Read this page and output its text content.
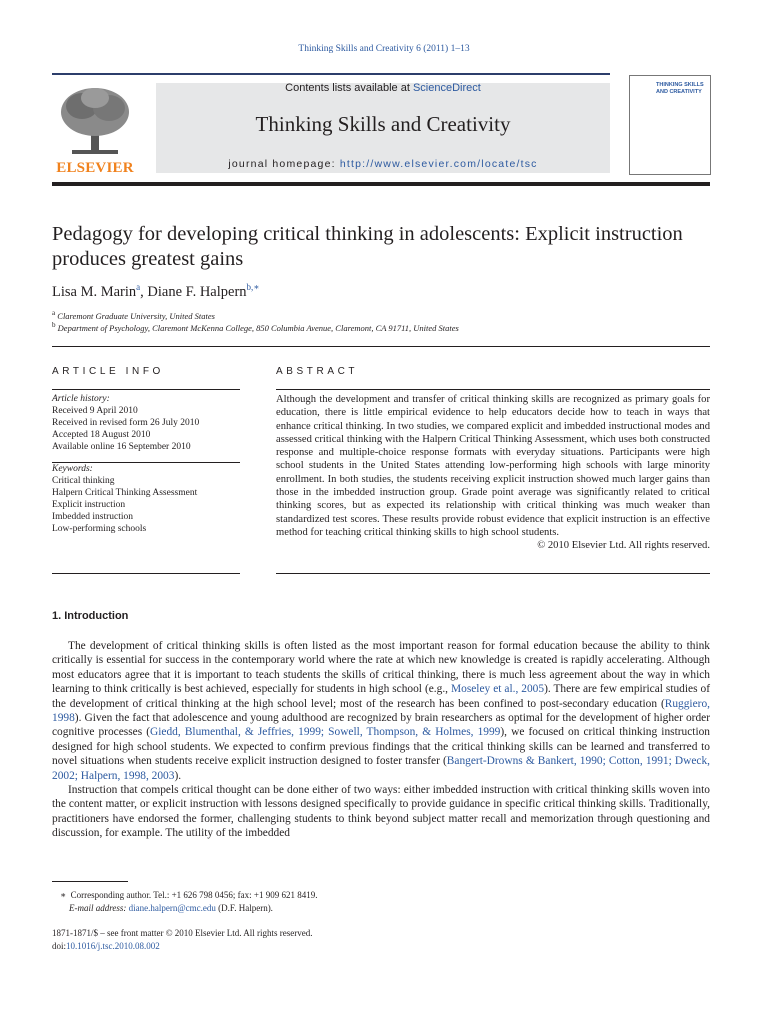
Thinking Skills and Creativity 6 (2011) 1–13
ELSEVIER
Contents lists available at ScienceDirect
Thinking Skills and Creativity
journal homepage: http://www.elsevier.com/locate/tsc
THINKING SKILLS AND CREATIVITY
Pedagogy for developing critical thinking in adolescents: Explicit instruction produces greatest gains
Lisa M. Marin$^a$, Diane F. Halpern$^{b,∗}$
$^a$ Claremont Graduate University, United States
$^b$ Department of Psychology, Claremont McKenna College, 850 Columbia Avenue, Claremont, CA 91711, United States
ARTICLE INFO
Article history:
Received 9 April 2010
Received in revised form 26 July 2010
Accepted 18 August 2010
Available online 16 September 2010
Keywords:
Critical thinking
Halpern Critical Thinking Assessment
Explicit instruction
Imbedded instruction
Low-performing schools
ABSTRACT
Although the development and transfer of critical thinking skills are recognized as primary goals for education, there is little empirical evidence to help educators decide how to teach in ways that enhance critical thinking. In two studies, we compared explicit and imbedded instructional modes and assessed critical thinking with the Halpern Critical Thinking Assessment, which uses both constructed response and multiple-choice response formats with everyday situations. Participants were high school students in the United States attending low-performing high schools with large minority enrollment. In both studies, the students receiving explicit instruction showed much larger gains than those in the imbedded instruction group. Grade point average was significantly related to critical thinking scores, but as expected its relationship with critical thinking was much weaker than standardized test scores. These results provide robust evidence that explicit instruction is an effective method for teaching critical thinking skills to high school students.
© 2010 Elsevier Ltd. All rights reserved.
1. Introduction

The development of critical thinking skills is often listed as the most important reason for formal education because the ability to think critically is essential for success in the contemporary world where the rate at which new knowledge is created is rapidly accelerating. Although most educators agree that it is important to teach students the skills of critical thinking, there is much less agreement about the way in which learning to think critically is best achieved, especially for students in high school (e.g., Moseley et al., 2005). There are few empirical studies of the development of critical thinking at the high school level; most of the research has been confined to post-secondary education (Ruggiero, 1998). Given the fact that adolescence and young adulthood are recognized by brain researchers as optimal for the development of higher order cognitive processes (Giedd, Blumenthal, & Jeffries, 1999; Sowell, Thompson, & Holmes, 1999), we focused on critical thinking instruction designed for high school students. We expected to confirm previous findings that the critical thinking skills can be learned and transferred to novel situations when students receive explicit instruction designed to foster transfer (Bangert-Drowns & Bankert, 1990; Cotton, 1991; Dweck, 2002; Halpern, 1998, 2003).

Instruction that compels critical thought can be done either of two ways: either imbedded instruction with critical thinking skills woven into the content matter, or explicit instruction with lessons designed specifically to provide guidance in specific critical thinking skills. Traditionally, practitioners have endorsed the former, challenging students to think beyond subject matter recall and memorization through questioning and discussion, for example. The utility of the imbedded

∗ Corresponding author. Tel.: +1 626 798 0456; fax: +1 909 621 8419.
E-mail address: diane.halpern@cmc.edu (D.F. Halpern).
1871-1871/$ – see front matter © 2010 Elsevier Ltd. All rights reserved.
doi:10.1016/j.tsc.2010.08.002
